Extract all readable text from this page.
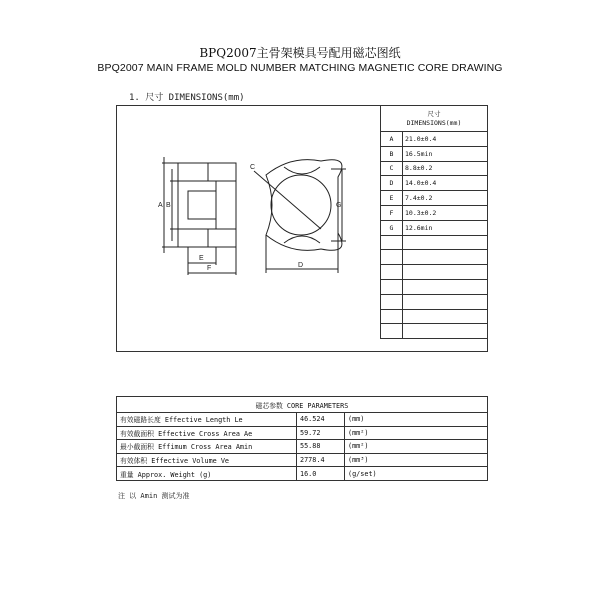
BPQ2007主骨架模具号配用磁芯图纸
BPQ2007 MAIN FRAME MOLD NUMBER MATCHING MAGNETIC CORE DRAWING
1. 尺寸 DIMENSIONS(mm)
A B
C
D
E
F
G
尺寸
DIMENSIONS(mm)	
A	21.0±0.4
B	16.5min
C	8.8±0.2
D	14.0±0.4
E	7.4±0.2
F	10.3±0.2
G	12.6min

磁芯参数 CORE PARAMETERS		
有效磁路长度 Effective Length Le	46.524	(mm)
有效截面积 Effective Cross Area Ae	59.72	(mm²)
最小截面积 Effimum Cross Area Amin	55.88	(mm²)
有效体积 Effective Volume Ve	2778.4	(mm³)
重量 Approx. Weight (g)	16.0	(g/set)
注 以 Amin 测试为准
